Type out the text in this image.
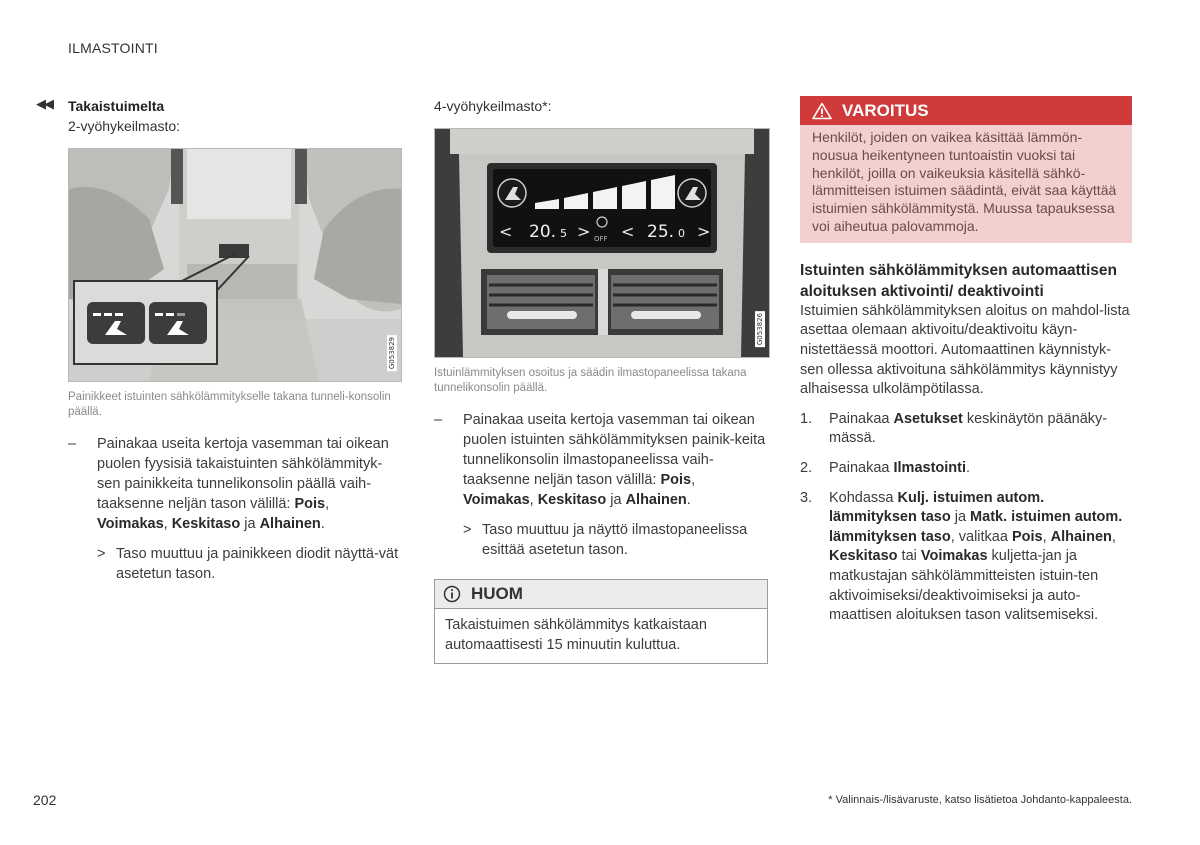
ILMASTOINTI
◀◀ Takaistuimelta
2-vyöhykeilmasto:
G053829
Painikkeet istuinten sähkölämmitykselle takana tunneli-konsolin päällä.
– Painakaa useita kertoja vasemman tai oikean puolen fyysisiä takaistuinten sähkölämmityk-sen painikkeita tunnelikonsolin päällä vaih-taaksenne neljän tason välillä: Pois, Voimakas, Keskitaso ja Alhainen.
> Taso muuttuu ja painikkeen diodit näyttä-vät asetetun tason.
4-vyöhykeilmasto*:
<	<
>	>
20. 5	25. 0
OFF
G053826
Istuinlämmityksen osoitus ja säädin ilmastopaneelissa takana tunnelikonsolin päällä.
– Painakaa useita kertoja vasemman tai oikean puolen istuinten sähkölämmityksen painik-keita tunnelikonsolin ilmastopaneelissa vaih-taaksenne neljän tason välillä: Pois, Voimakas, Keskitaso ja Alhainen.
> Taso muuttuu ja näyttö ilmastopaneelissa esittää asetetun tason.
HUOM
Takaistuimen sähkölämmitys katkaistaan automaattisesti 15 minuutin kuluttua.
VAROITUS
Henkilöt, joiden on vaikea käsittää lämmön-nousua heikentyneen tuntoaistin vuoksi tai henkilöt, joilla on vaikeuksia käsitellä sähkö-lämmitteisen istuimen säädintä, eivät saa käyttää istuimien sähkölämmitystä. Muussa tapauksessa voi aiheutua palovammoja.
Istuinten sähkölämmityksen automaattisen aloituksen aktivointi/ deaktivointi
Istuimien sähkölämmityksen aloitus on mahdol-lista asettaa olemaan aktivoitu/deaktivoitu käyn-nistettäessä moottori. Automaattinen käynnistyk-sen ollessa aktivoituna sähkölämmitys käynnistyy alhaisessa ulkolämpötilassa.
1. Painakaa Asetukset keskinäytön päänäky-mässä.
2. Painakaa Ilmastointi.
3. Kohdassa Kulj. istuimen autom. lämmityksen taso ja Matk. istuimen autom. lämmityksen taso, valitkaa Pois, Alhainen, Keskitaso tai Voimakas kuljetta-jan ja matkustajan sähkölämmitteisten istuin-ten aktivoimiseksi/deaktivoimiseksi ja auto-maattisen aloituksen tason valitsemiseksi.
202	* Valinnais-/lisävaruste, katso lisätietoa Johdanto-kappaleesta.
